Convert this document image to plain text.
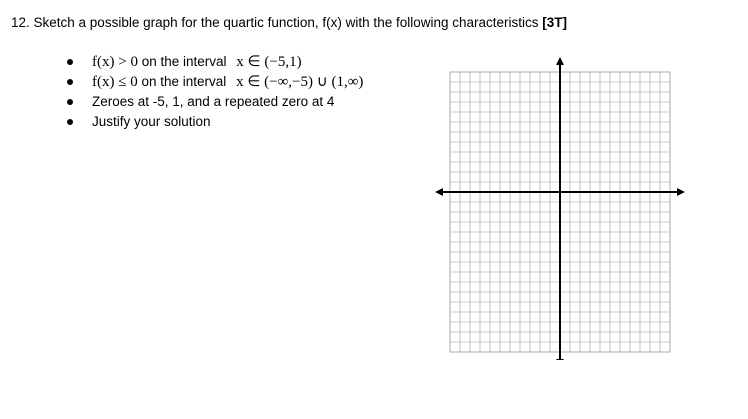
12. Sketch a possible graph for the quartic function, f(x) with the following characteristics [3T]
f(x) > 0 on the interval x ∈ (−5,1)
f(x) ≤ 0 on the interval x ∈ (−∞,−5) ∪ (1,∞)
Zeroes at -5, 1, and a repeated zero at 4
Justify your solution
